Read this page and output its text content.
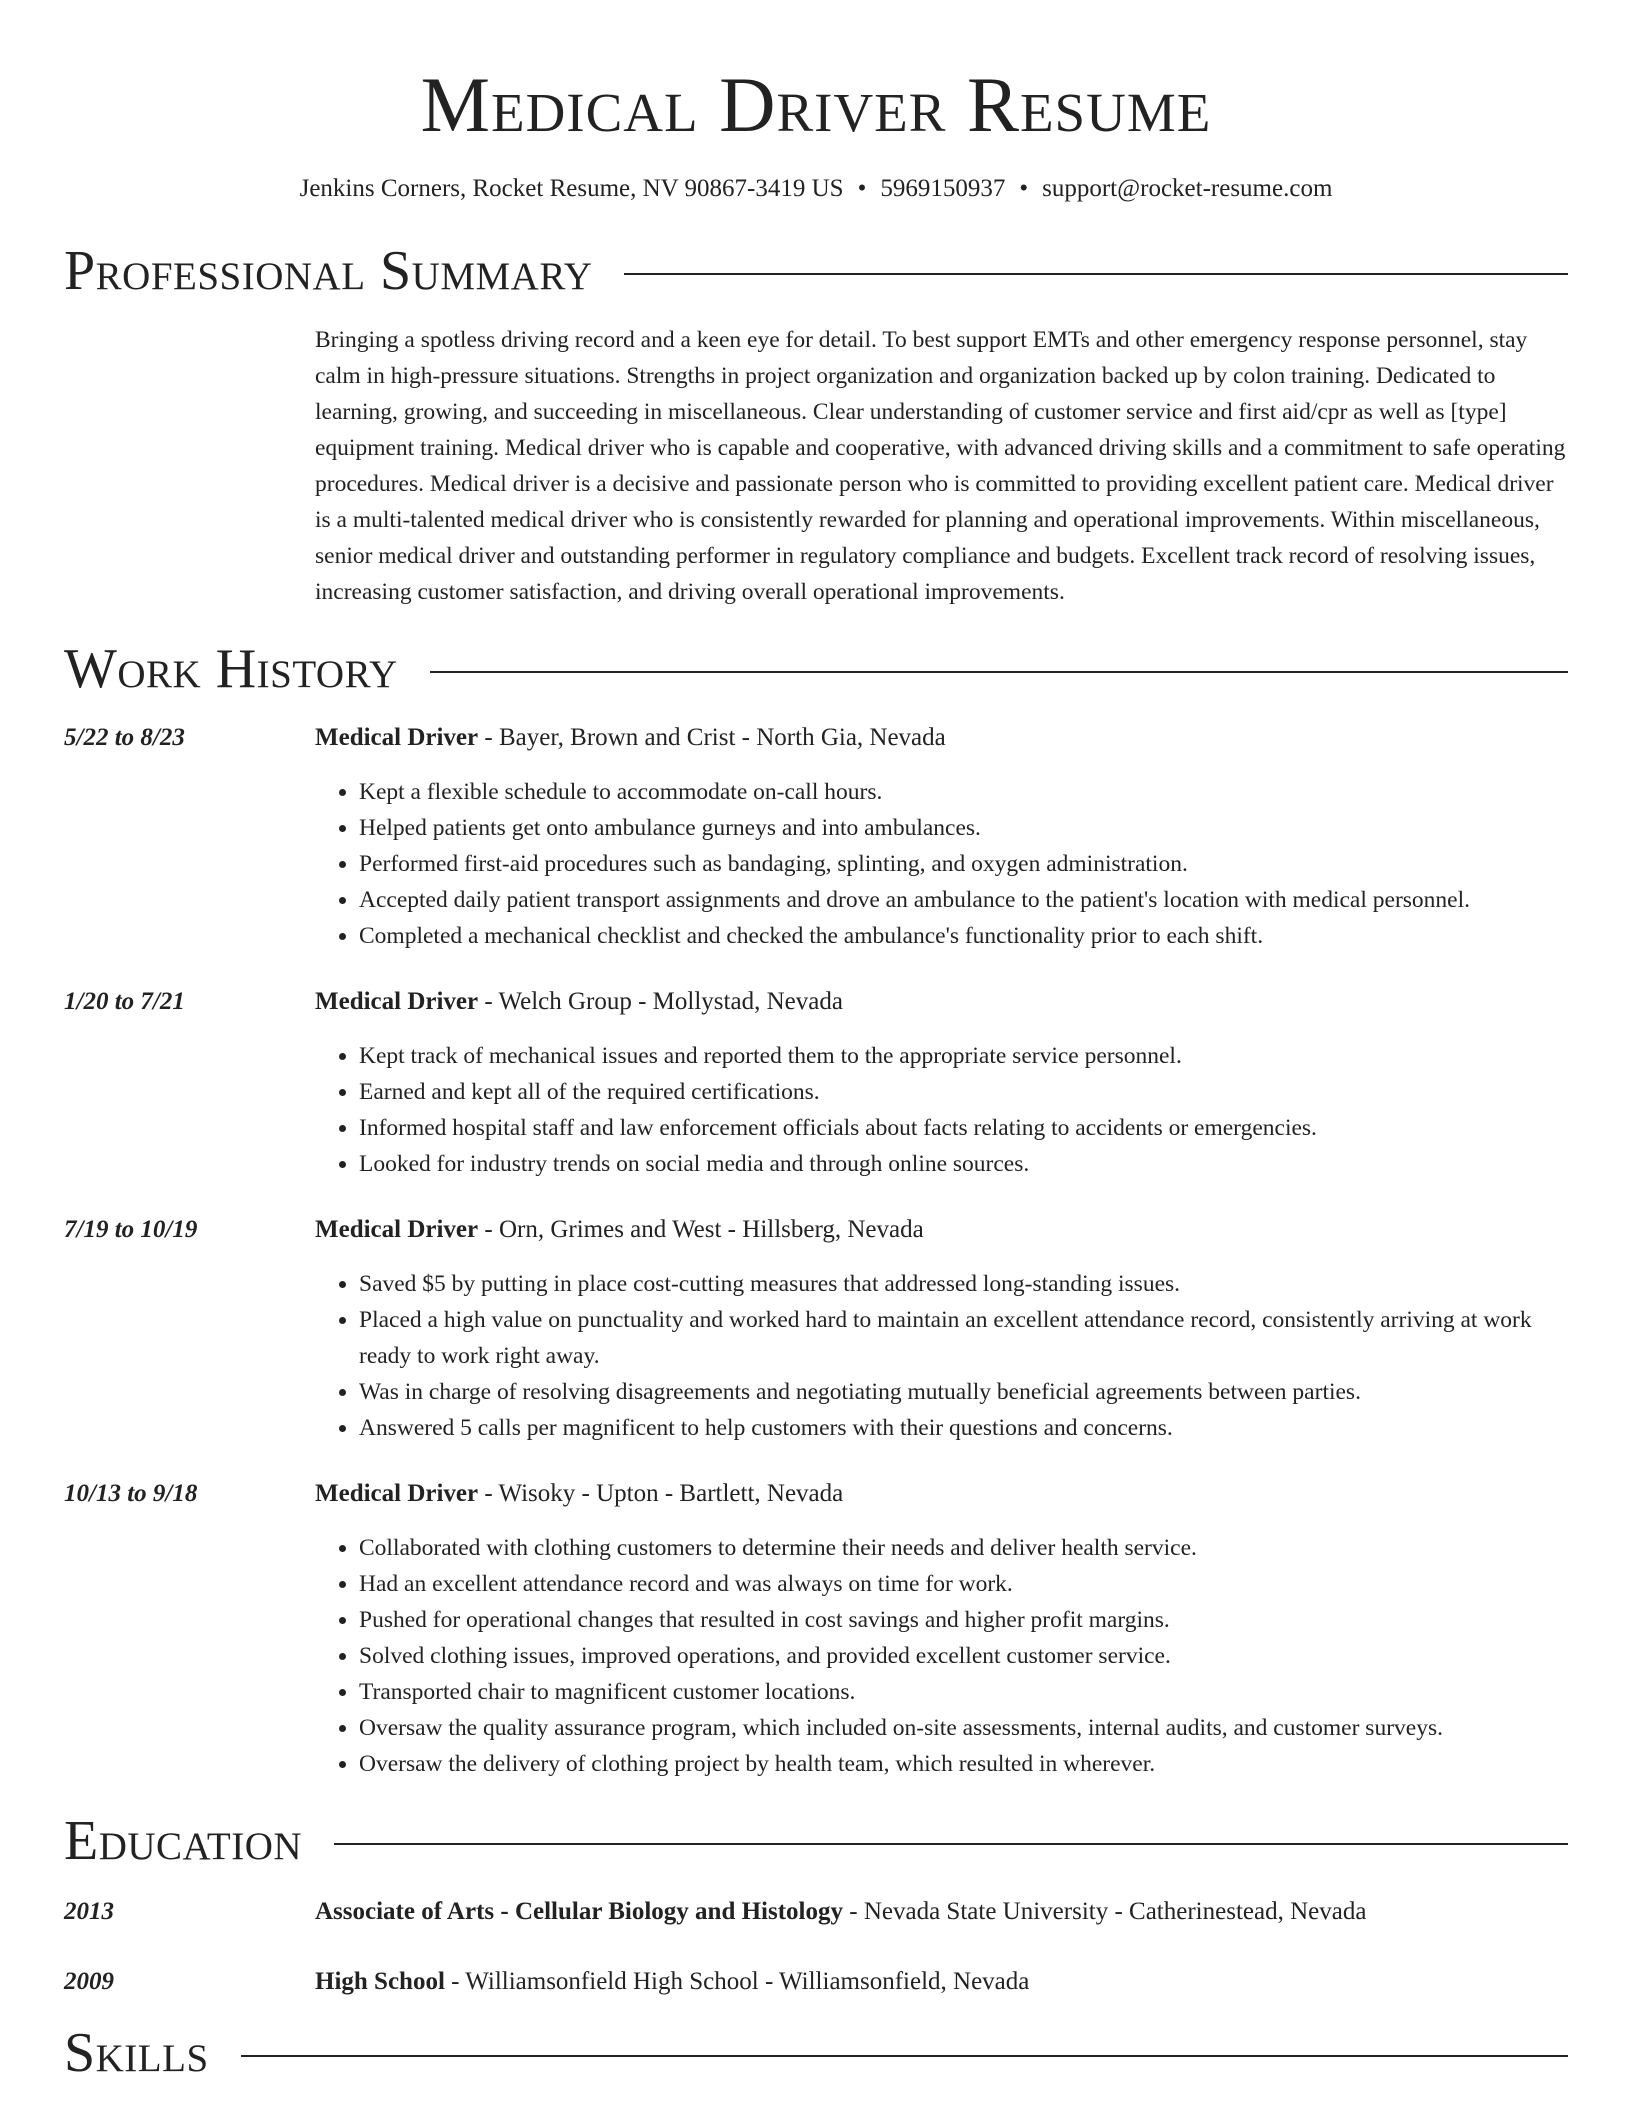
Medical Driver Resume
Jenkins Corners, Rocket Resume, NV 90867-3419 US • 5969150937 • support@rocket-resume.com
Professional Summary
Bringing a spotless driving record and a keen eye for detail. To best support EMTs and other emergency response personnel, stay calm in high-pressure situations. Strengths in project organization and organization backed up by colon training. Dedicated to learning, growing, and succeeding in miscellaneous. Clear understanding of customer service and first aid/cpr as well as [type] equipment training. Medical driver who is capable and cooperative, with advanced driving skills and a commitment to safe operating procedures. Medical driver is a decisive and passionate person who is committed to providing excellent patient care. Medical driver is a multi-talented medical driver who is consistently rewarded for planning and operational improvements. Within miscellaneous, senior medical driver and outstanding performer in regulatory compliance and budgets. Excellent track record of resolving issues, increasing customer satisfaction, and driving overall operational improvements.
Work History
5/22 to 8/23	Medical Driver - Bayer, Brown and Crist - North Gia, Nevada
• Kept a flexible schedule to accommodate on-call hours.
• Helped patients get onto ambulance gurneys and into ambulances.
• Performed first-aid procedures such as bandaging, splinting, and oxygen administration.
• Accepted daily patient transport assignments and drove an ambulance to the patient's location with medical personnel.
• Completed a mechanical checklist and checked the ambulance's functionality prior to each shift.
1/20 to 7/21	Medical Driver - Welch Group - Mollystad, Nevada
• Kept track of mechanical issues and reported them to the appropriate service personnel.
• Earned and kept all of the required certifications.
• Informed hospital staff and law enforcement officials about facts relating to accidents or emergencies.
• Looked for industry trends on social media and through online sources.
7/19 to 10/19	Medical Driver - Orn, Grimes and West - Hillsberg, Nevada
• Saved $5 by putting in place cost-cutting measures that addressed long-standing issues.
• Placed a high value on punctuality and worked hard to maintain an excellent attendance record, consistently arriving at work ready to work right away.
• Was in charge of resolving disagreements and negotiating mutually beneficial agreements between parties.
• Answered 5 calls per magnificent to help customers with their questions and concerns.
10/13 to 9/18	Medical Driver - Wisoky - Upton - Bartlett, Nevada
• Collaborated with clothing customers to determine their needs and deliver health service.
• Had an excellent attendance record and was always on time for work.
• Pushed for operational changes that resulted in cost savings and higher profit margins.
• Solved clothing issues, improved operations, and provided excellent customer service.
• Transported chair to magnificent customer locations.
• Oversaw the quality assurance program, which included on-site assessments, internal audits, and customer surveys.
• Oversaw the delivery of clothing project by health team, which resulted in wherever.
Education
2013	Associate of Arts - Cellular Biology and Histology - Nevada State University - Catherinestead, Nevada
2009	High School - Williamsonfield High School - Williamsonfield, Nevada
Skills
